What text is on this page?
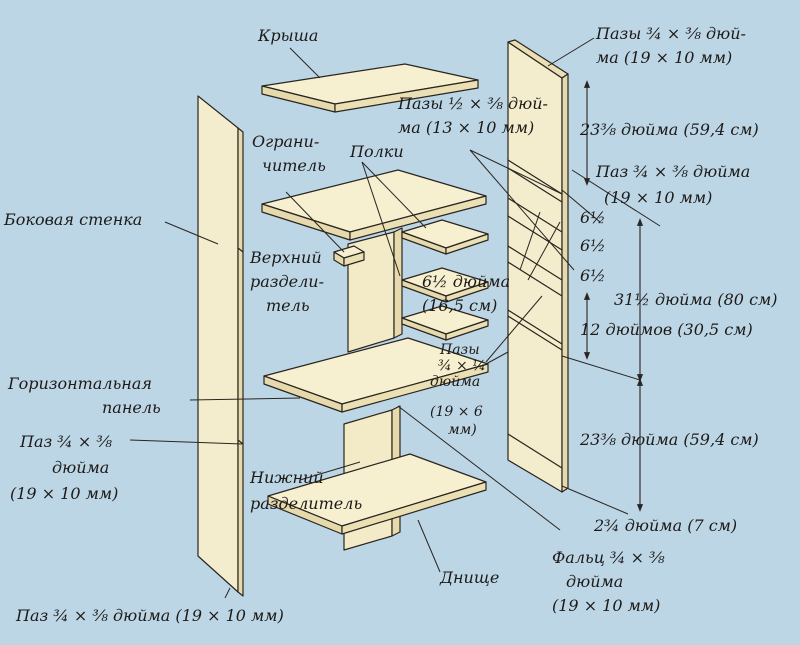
Крыша
Боковая стенка
Ограни-
читель
Полки
Верхний
раздели-
тель
Горизонтальная
панель
Паз ¾ × ⅜
дюйма
(19 × 10 мм)
Нижний
разделитель
Днище
Паз ¾ × ⅜ дюйма (19 × 10 мм)
Пазы ¾ × ⅜ дюй-
ма (19 × 10 мм)
Пазы ½ × ⅜ дюй-
ма (13 × 10 мм)	23⅜ дюйма (59,4 см)
Паз ¾ × ⅜ дюйма
(19 × 10 мм)
6½
6½
6½
6½ дюйма
(16,5 см)	31½ дюйма (80 см)
12 дюймов (30,5 см)
Пазы
¾ × ¼
дюйма
(19 × 6
мм)	23⅜ дюйма (59,4 см)
2¾ дюйма (7 см)
Фальц ¾ × ⅜
дюйма
(19 × 10 мм)
